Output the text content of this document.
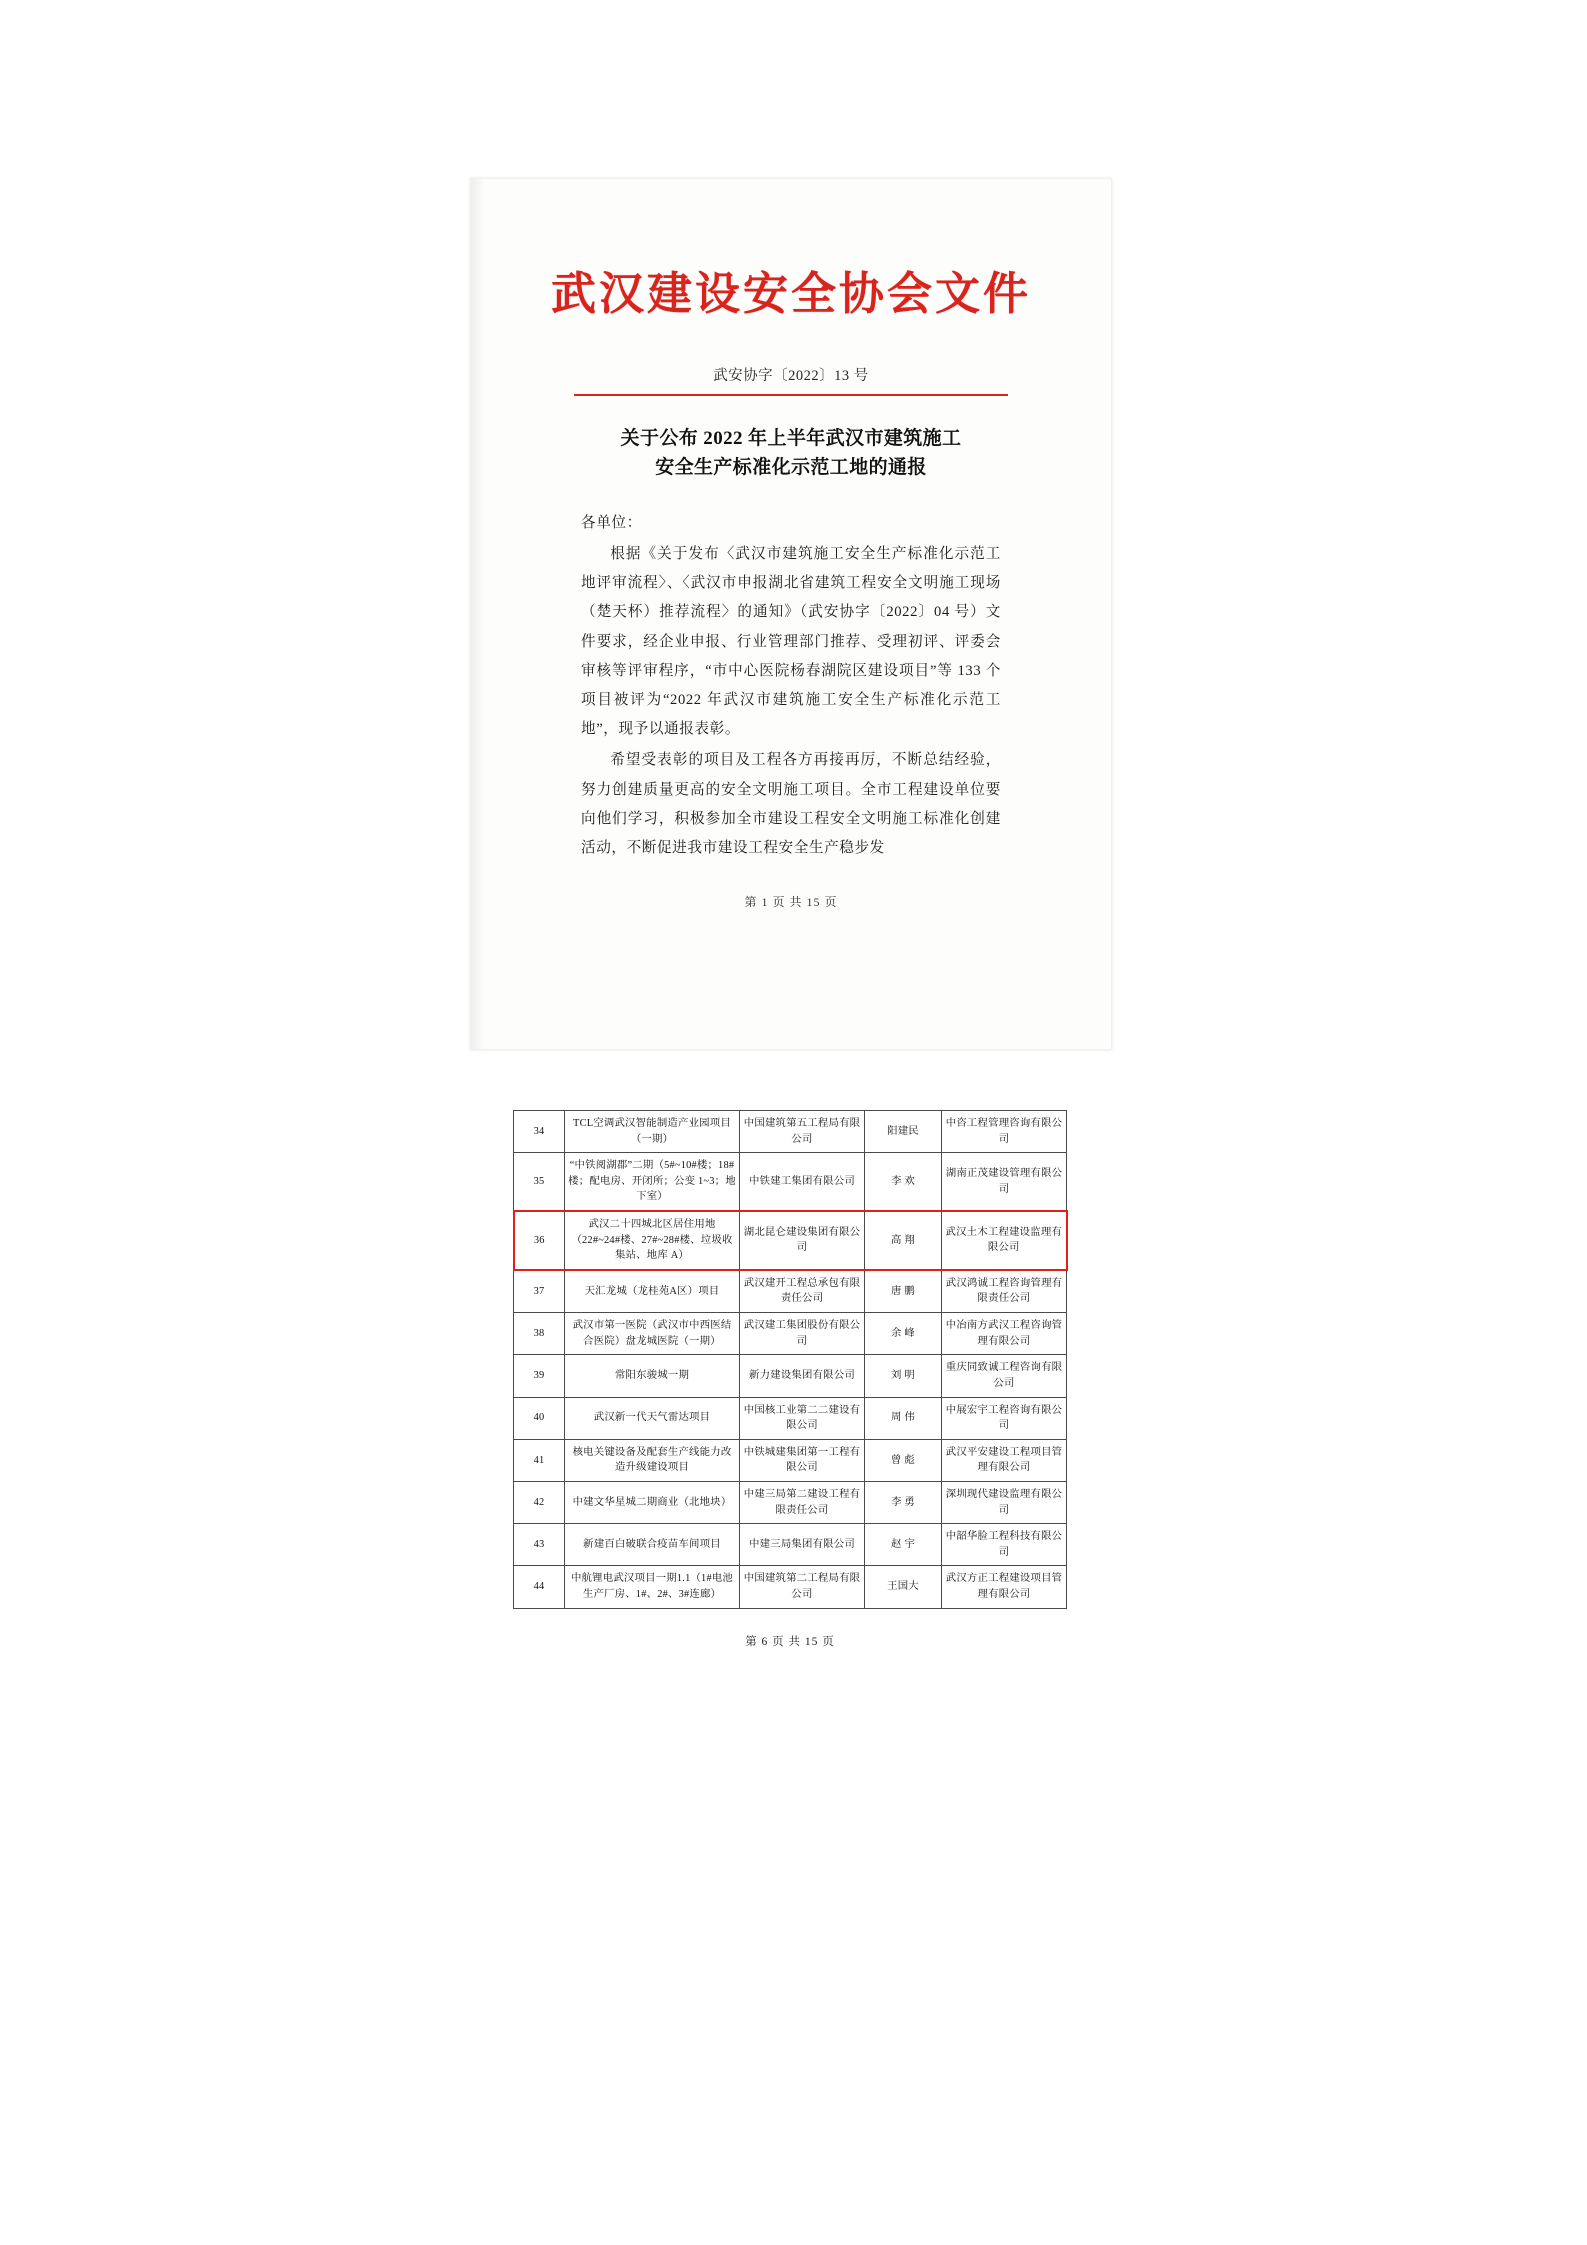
武汉建设安全协会文件
武安协字〔2022〕13 号
关于公布 2022 年上半年武汉市建筑施工
安全生产标准化示范工地的通报

各单位：

根据《关于发布〈武汉市建筑施工安全生产标准化示范工地评审流程〉、〈武汉市申报湖北省建筑工程安全文明施工现场（楚天杯）推荐流程〉的通知》（武安协字〔2022〕04 号）文件要求，经企业申报、行业管理部门推荐、受理初评、评委会审核等评审程序，“市中心医院杨春湖院区建设项目”等 133 个项目被评为“2022 年武汉市建筑施工安全生产标准化示范工地”，现予以通报表彰。

希望受表彰的项目及工程各方再接再厉，不断总结经验，努力创建质量更高的安全文明施工项目。全市工程建设单位要向他们学习，积极参加全市建设工程安全文明施工标准化创建活动，不断促进我市建设工程安全生产稳步发

第 1 页 共 15 页
34	TCL空调武汉智能制造产业园项目（一期）	中国建筑第五工程局有限公司	阳建民	中咨工程管理咨询有限公司
35	“中铁阅湖郡”二期（5#~10#楼；18#楼；配电房、开闭所；公变 1~3；地下室）	中铁建工集团有限公司	李 欢	湖南正茂建设管理有限公司
36	武汉二十四城北区居住用地（22#~24#楼、27#~28#楼、垃圾收集站、地库 A）	湖北昆仑建设集团有限公司	高 翔	武汉土木工程建设监理有限公司
37	天汇龙城（龙桂苑A区）项目	武汉建开工程总承包有限责任公司	唐 鹏	武汉鸿诚工程咨询管理有限责任公司
38	武汉市第一医院（武汉市中西医结合医院）盘龙城医院（一期）	武汉建工集团股份有限公司	余 峰	中冶南方武汉工程咨询管理有限公司
39	常阳东骏城一期	新力建设集团有限公司	刘 明	重庆同致诚工程咨询有限公司
40	武汉新一代天气雷达项目	中国核工业第二二建设有限公司	周 伟	中展宏宇工程咨询有限公司
41	核电关键设备及配套生产线能力改造升级建设项目	中铁城建集团第一工程有限公司	曾 彪	武汉平安建设工程项目管理有限公司
42	中建文华星城二期商业（北地块）	中建三局第二建设工程有限责任公司	李 勇	深圳现代建设监理有限公司
43	新建百白破联合疫苗车间项目	中建三局集团有限公司	赵 宇	中韶华脸工程科技有限公司
44	中航锂电武汉项目一期1.1（1#电池生产厂房、1#、2#、3#连廊）	中国建筑第二工程局有限公司	王国大	武汉方正工程建设项目管理有限公司
第 6 页 共 15 页
